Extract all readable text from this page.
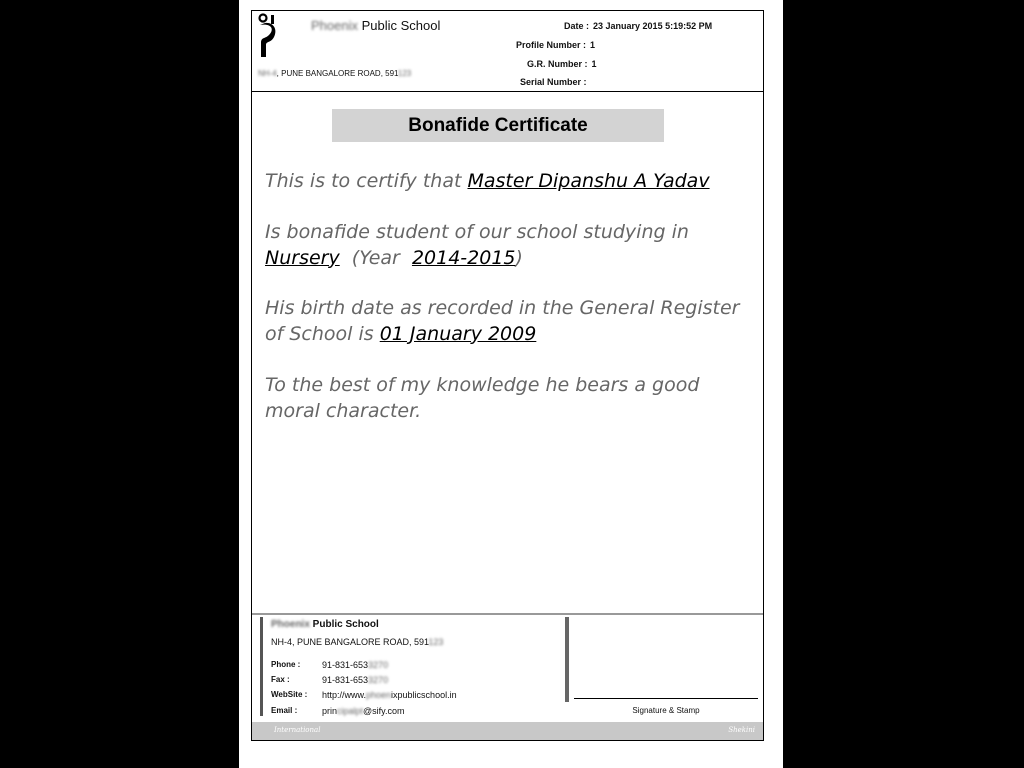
Phoenix Public School
NH-4, PUNE BANGALORE ROAD, 591123
Date : 23 January 2015 5:19:52 PM
Profile Number : 1
G.R. Number : 1
Serial Number :
Bonafide Certificate
This is to certify that Master Dipanshu A Yadav
Is bonafide student of our school studying in Nursery  (Year  2014-2015)
His birth date as recorded in the General Register of School is 01 January 2009
To the best of my knowledge he bears a good moral character.
Phoenix Public School
NH-4, PUNE BANGALORE ROAD, 591123
Phone : 91-831-6533270
Fax :	91-831-6533270
WebSite : http://www.phoenixpublicschool.in
Email :	principalpt@sify.com	Signature & Stamp
International	Shekini
